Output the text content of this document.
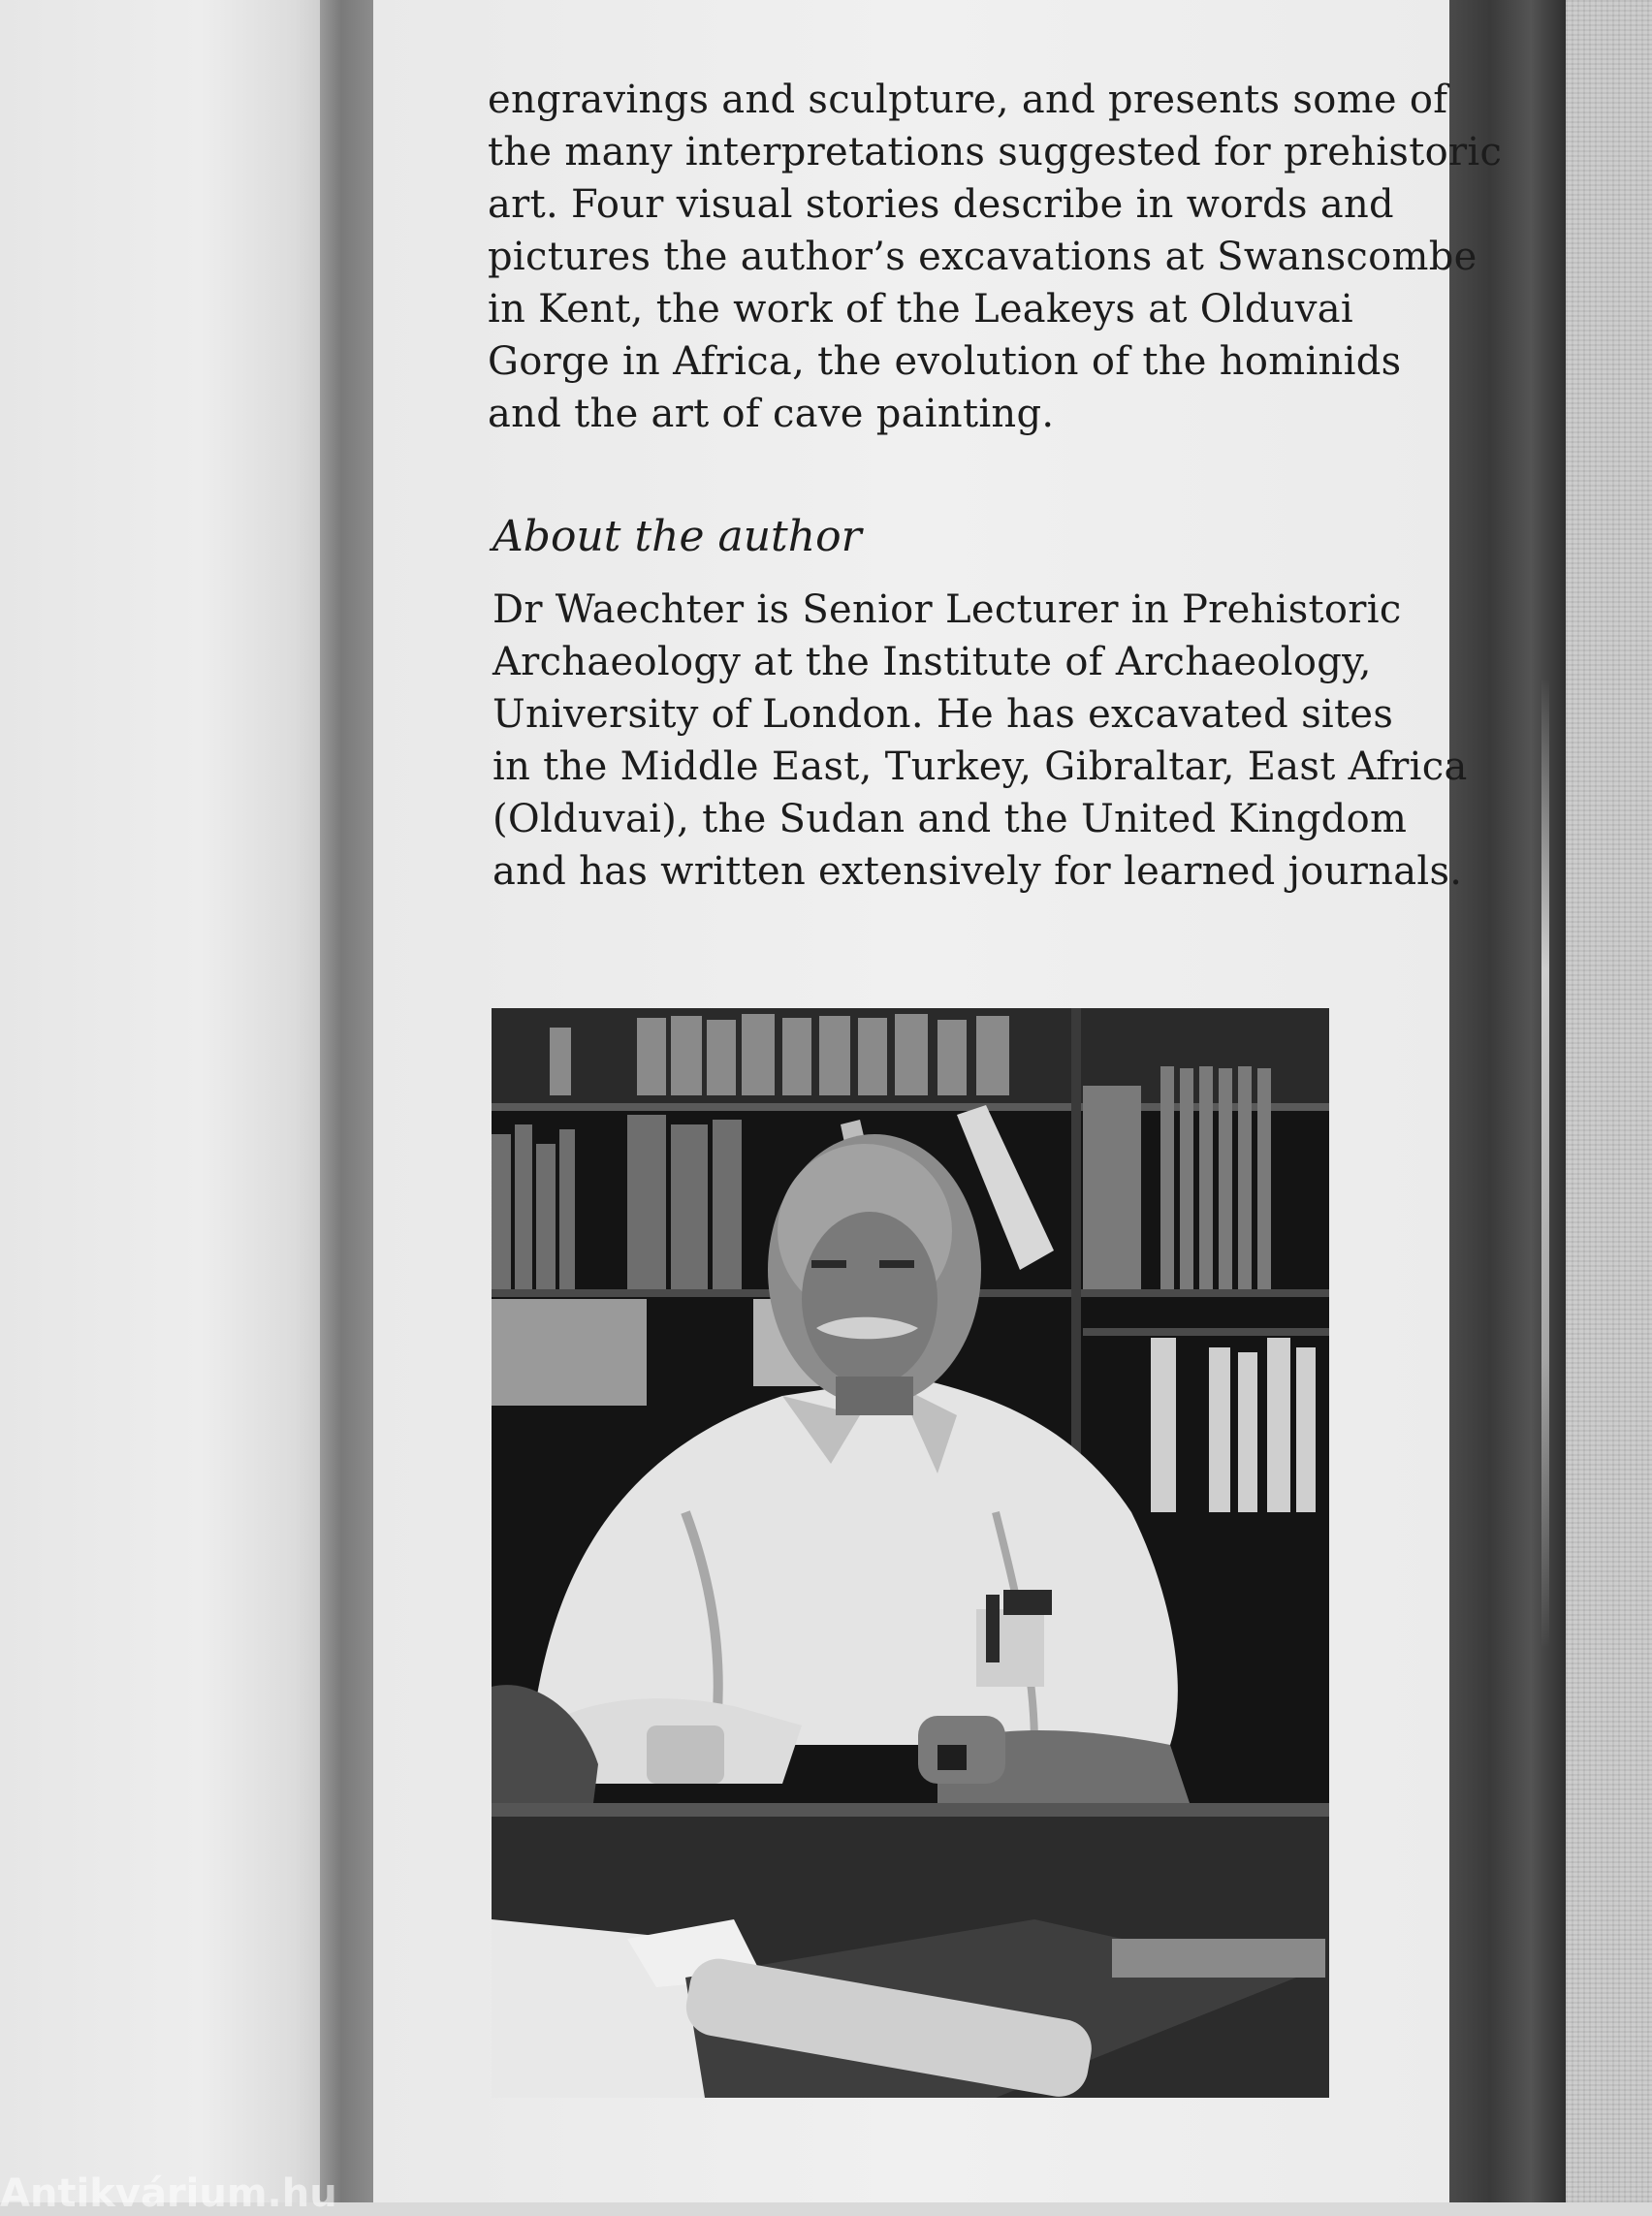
engravings and sculpture, and presents some of
the many interpretations suggested for prehistoric
art. Four visual stories describe in words and
pictures the author’s excavations at Swanscombe
in Kent, the work of the Leakeys at Olduvai
Gorge in Africa, the evolution of the hominids
and the art of cave painting.
About the author
Dr Waechter is Senior Lecturer in Prehistoric
Archaeology at the Institute of Archaeology,
University of London. He has excavated sites
in the Middle East, Turkey, Gibraltar, East Africa
(Olduvai), the Sudan and the United Kingdom
and has written extensively for learned journals.
Antikvárium.hu
